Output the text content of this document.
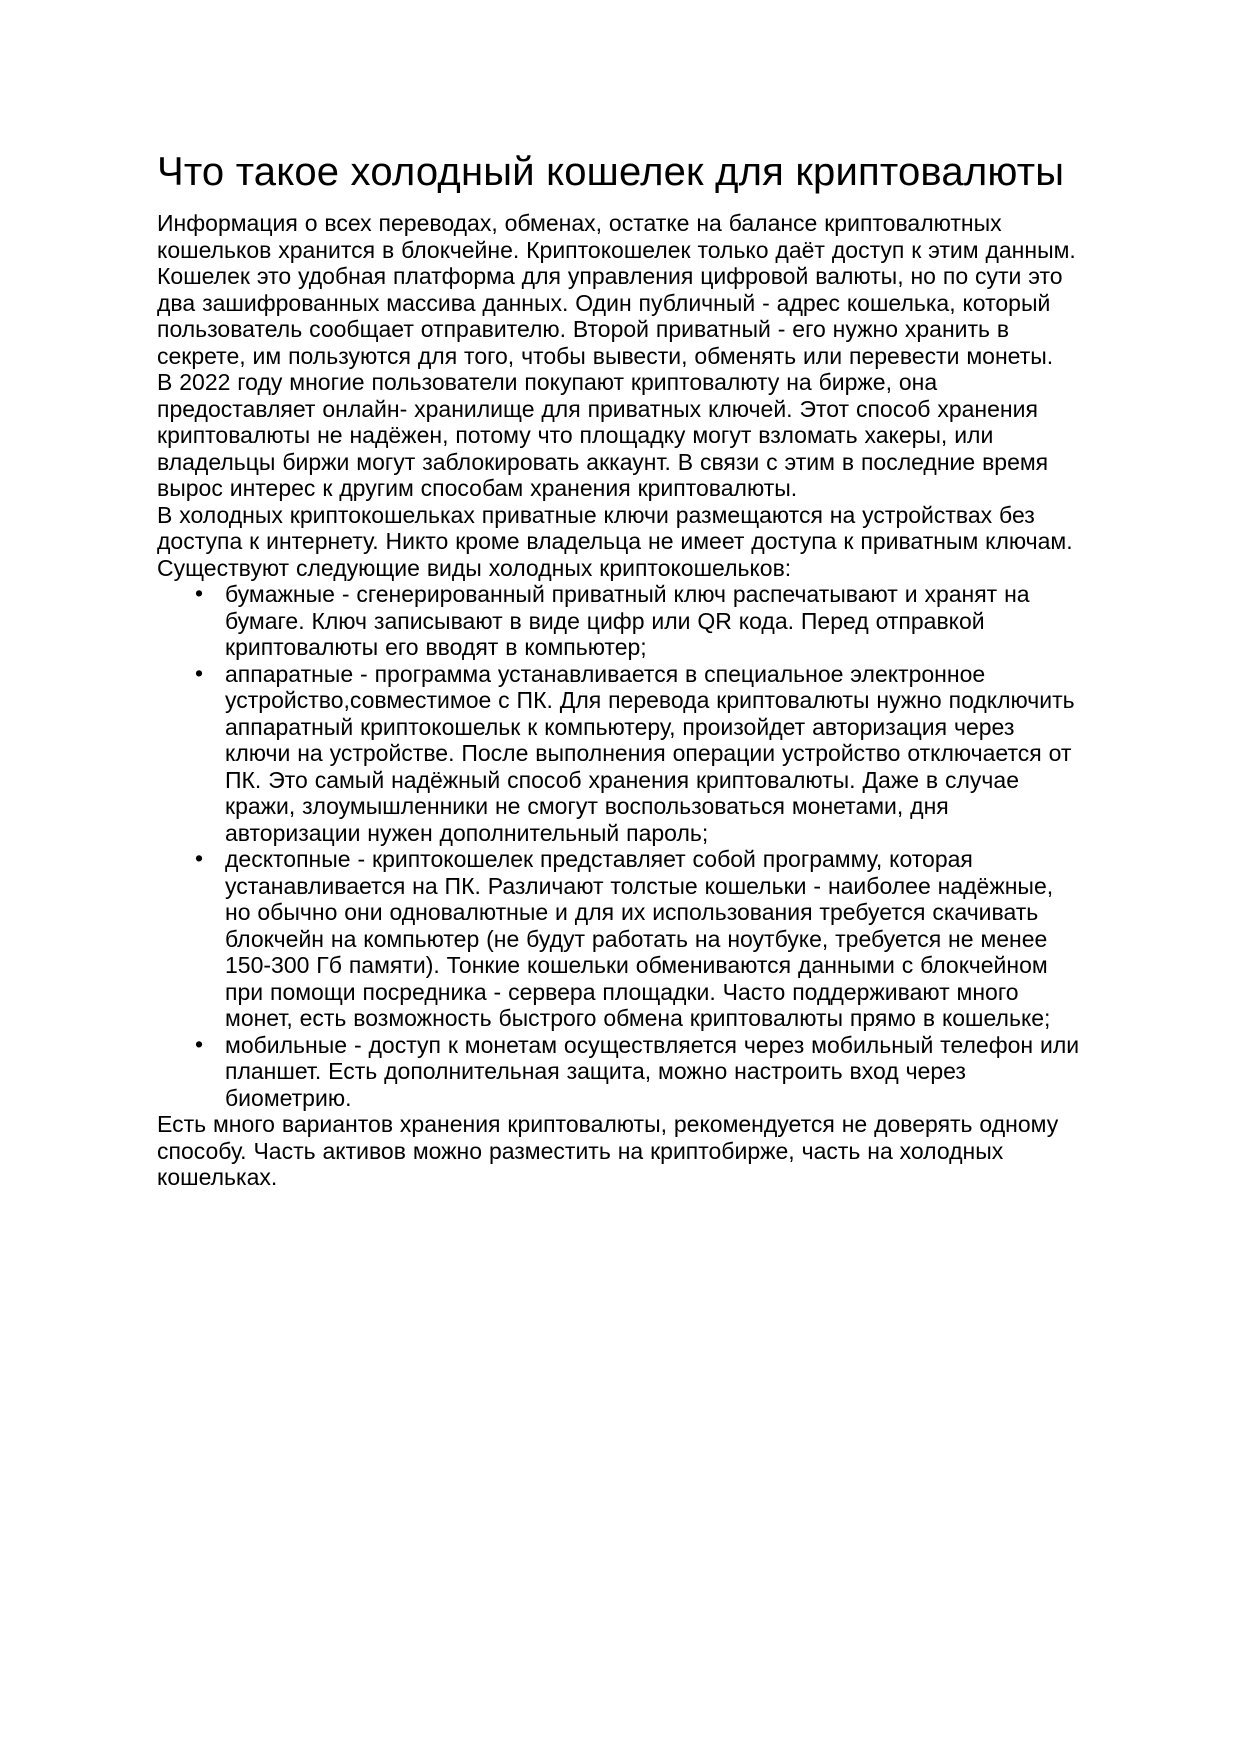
Что такое холодный кошелек для криптовалюты

Информация о всех переводах, обменах, остатке на балансе криптовалютных кошельков хранится в блокчейне. Криптокошелек только даёт доступ к этим данным. Кошелек это удобная платформа для управления цифровой валюты, но по сути это два зашифрованных массива данных. Один публичный - адрес кошелька, который пользователь сообщает отправителю. Второй приватный - его нужно хранить в секрете, им пользуются для того, чтобы вывести, обменять или перевести монеты.

В 2022 году многие пользователи покупают криптовалюту на бирже, она предоставляет онлайн- хранилище для приватных ключей. Этот способ хранения криптовалюты не надёжен, потому что площадку могут взломать хакеры, или владельцы биржи могут заблокировать аккаунт. В связи с этим в последние время вырос интерес к другим способам хранения криптовалюты.

В холодных криптокошельках приватные ключи размещаются на устройствах без доступа к интернету. Никто кроме владельца не имеет доступа к приватным ключам.

Существуют следующие виды холодных криптокошельков:

• бумажные - сгенерированный приватный ключ распечатывают и хранят на бумаге. Ключ записывают в виде цифр или QR кода. Перед отправкой криптовалюты его вводят в компьютер;
• аппаратные - программа устанавливается в специальное электронное устройство,совместимое с ПК. Для перевода криптовалюты нужно подключить аппаратный криптокошельк к компьютеру, произойдет авторизация через ключи на устройстве. После выполнения операции устройство отключается от ПК. Это самый надёжный способ хранения криптовалюты. Даже в случае кражи, злоумышленники не смогут воспользоваться монетами, дня авторизации нужен дополнительный пароль;
• десктопные - криптокошелек представляет собой программу, которая устанавливается на ПК. Различают толстые кошельки - наиболее надёжные, но обычно они одновалютные и для их использования требуется скачивать блокчейн на компьютер (не будут работать на ноутбуке, требуется не менее 150-300 Гб памяти). Тонкие кошельки обмениваются данными с блокчейном при помощи посредника - сервера площадки. Часто поддерживают много монет, есть возможность быстрого обмена криптовалюты прямо в кошельке;
• мобильные - доступ к монетам осуществляется через мобильный телефон или планшет. Есть дополнительная защита, можно настроить вход через биометрию.

Есть много вариантов хранения криптовалюты, рекомендуется не доверять одному способу. Часть активов можно разместить на криптобирже, часть на холодных кошельках.
